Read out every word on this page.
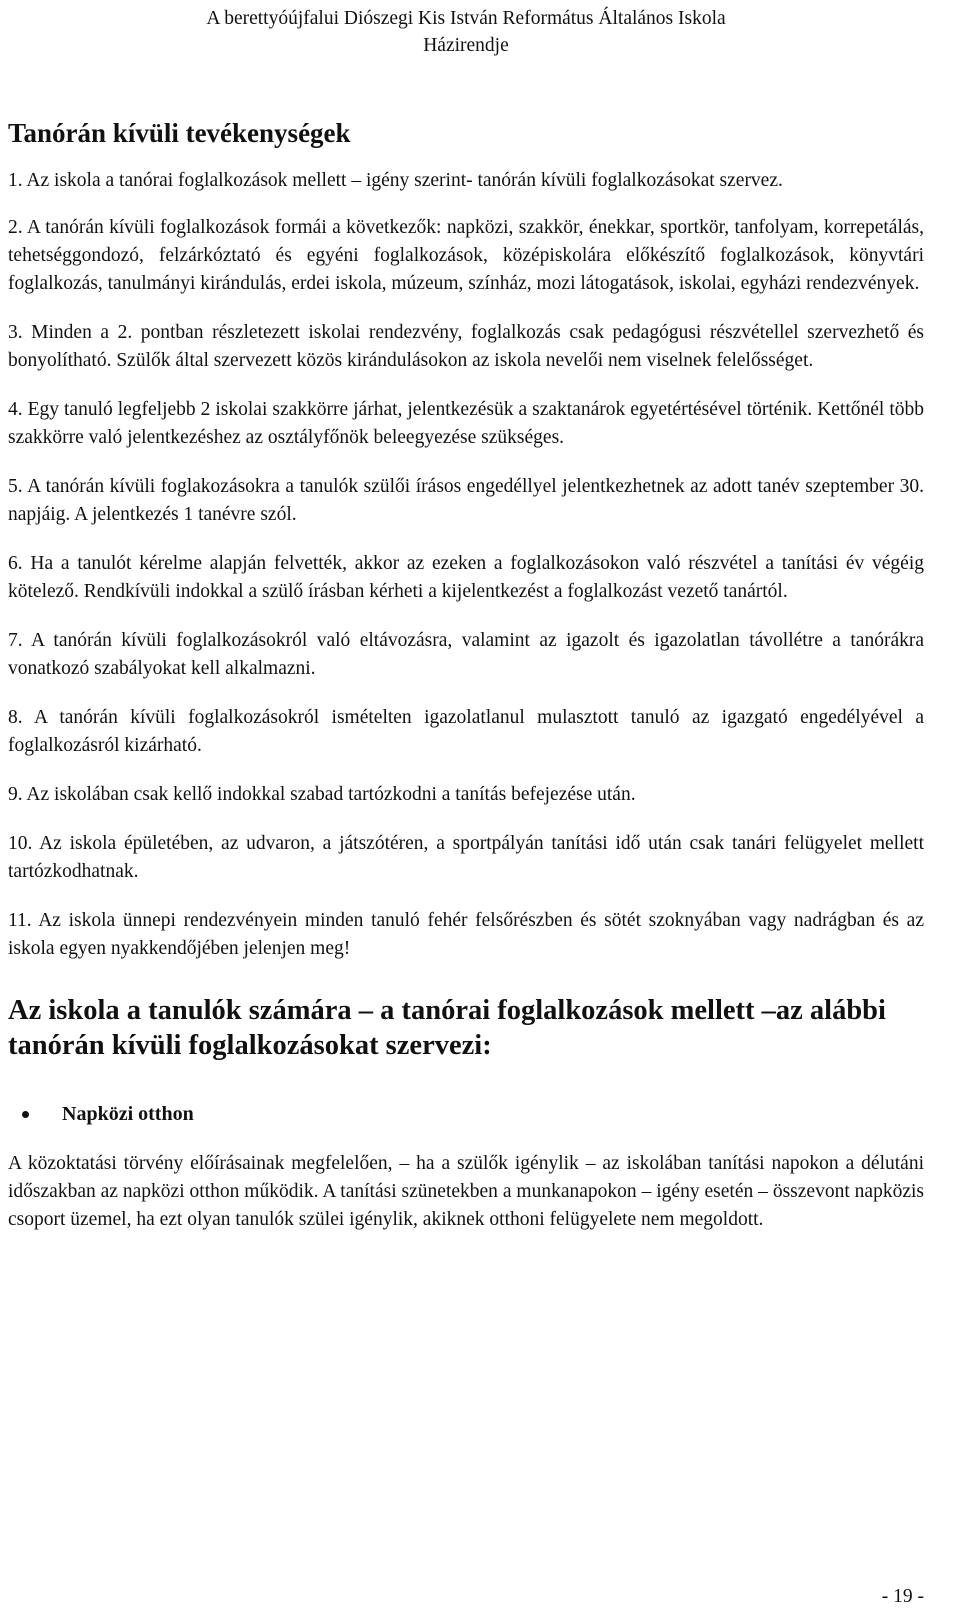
A berettyóújfalui Diószegi Kis István Református Általános Iskola
Házirendje
Tanórán kívüli tevékenységek

1. Az iskola a tanórai foglalkozások mellett – igény szerint- tanórán kívüli foglalkozásokat szervez.

2. A tanórán kívüli foglalkozások formái a következők: napközi, szakkör, énekkar, sportkör, tanfolyam, korrepetálás, tehetséggondozó, felzárkóztató és egyéni foglalkozások, középiskolára előkészítő foglalkozások, könyvtári foglalkozás, tanulmányi kirándulás, erdei iskola, múzeum, színház, mozi látogatások, iskolai, egyházi rendezvények.

3. Minden a 2. pontban részletezett iskolai rendezvény, foglalkozás csak pedagógusi részvétellel szervezhető és bonyolítható. Szülők által szervezett közös kirándulásokon az iskola nevelői nem viselnek felelősséget.

4. Egy tanuló legfeljebb 2 iskolai szakkörre járhat, jelentkezésük a szaktanárok egyetértésével történik. Kettőnél több szakkörre való jelentkezéshez az osztályfőnök beleegyezése szükséges.

5. A tanórán kívüli foglakozásokra a tanulók szülői írásos engedéllyel jelentkezhetnek az adott tanév szeptember 30. napjáig. A jelentkezés 1 tanévre szól.

6. Ha a tanulót kérelme alapján felvették, akkor az ezeken a foglalkozásokon való részvétel a tanítási év végéig kötelező. Rendkívüli indokkal a szülő írásban kérheti a kijelentkezést a foglalkozást vezető tanártól.

7. A tanórán kívüli foglalkozásokról való eltávozásra, valamint az igazolt és igazolatlan távollétre a tanórákra vonatkozó szabályokat kell alkalmazni.

8. A tanórán kívüli foglalkozásokról ismételten igazolatlanul mulasztott tanuló az igazgató engedélyével a foglalkozásról kizárható.

9. Az iskolában csak kellő indokkal szabad tartózkodni a tanítás befejezése után.

10. Az iskola épületében, az udvaron, a játszótéren, a sportpályán tanítási idő után csak tanári felügyelet mellett tartózkodhatnak.

11. Az iskola ünnepi rendezvényein minden tanuló fehér felsőrészben és sötét szoknyában vagy nadrágban és az iskola egyen nyakkendőjében jelenjen meg!

Az iskola a tanulók számára – a tanórai foglalkozások mellett –az alábbi tanórán kívüli foglalkozásokat szervezi:
Napközi otthon

A közoktatási törvény előírásainak megfelelően, – ha a szülők igénylik – az iskolában tanítási napokon a délutáni időszakban az napközi otthon működik. A tanítási szünetekben a munkanapokon – igény esetén – összevont napközis csoport üzemel, ha ezt olyan tanulók szülei igénylik, akiknek otthoni felügyelete nem megoldott.

- 19 -
